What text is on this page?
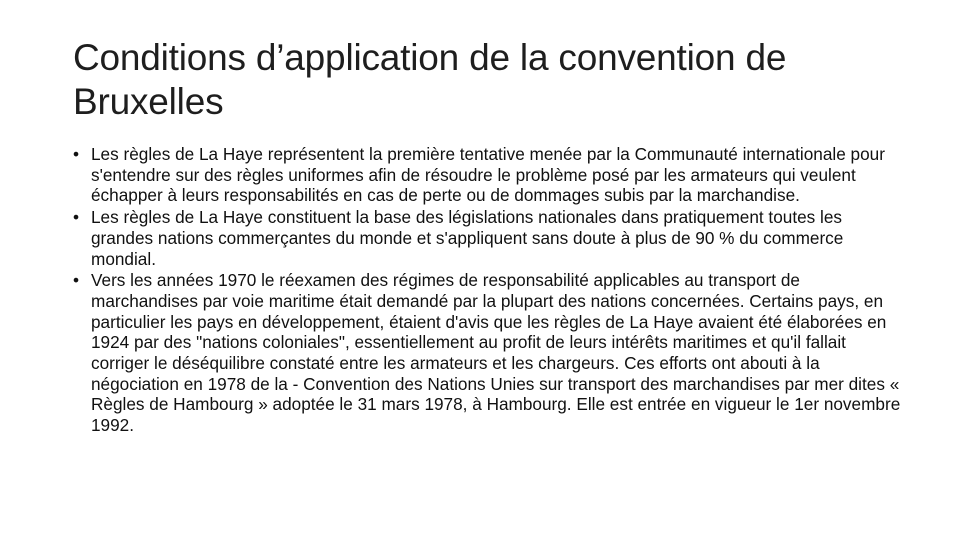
Conditions d’application de la convention de Bruxelles
• Les règles de La Haye représentent la première tentative menée par la Communauté internationale pour s'entendre sur des règles uniformes afin de résoudre le problème posé par les armateurs qui veulent échapper à leurs responsabilités en cas de perte ou de dommages subis par la marchandise.
• Les règles de La Haye constituent la base des législations nationales dans pratiquement toutes les grandes nations commerçantes du monde et s'appliquent sans doute à plus de 90 % du commerce mondial.
• Vers les années 1970 le réexamen des régimes de responsabilité applicables au transport de marchandises par voie maritime était demandé par la plupart des nations concernées. Certains pays, en particulier les pays en développement, étaient d'avis que les règles de La Haye avaient été élaborées en 1924 par des "nations coloniales", essentiellement au profit de leurs intérêts maritimes et qu'il fallait corriger le déséquilibre constaté entre les armateurs et les chargeurs. Ces efforts ont abouti à la négociation en 1978 de la - Convention des Nations Unies sur transport des marchandises par mer dites « Règles de Hambourg » adoptée le 31 mars 1978, à Hambourg. Elle est entrée en vigueur le 1er novembre 1992.
